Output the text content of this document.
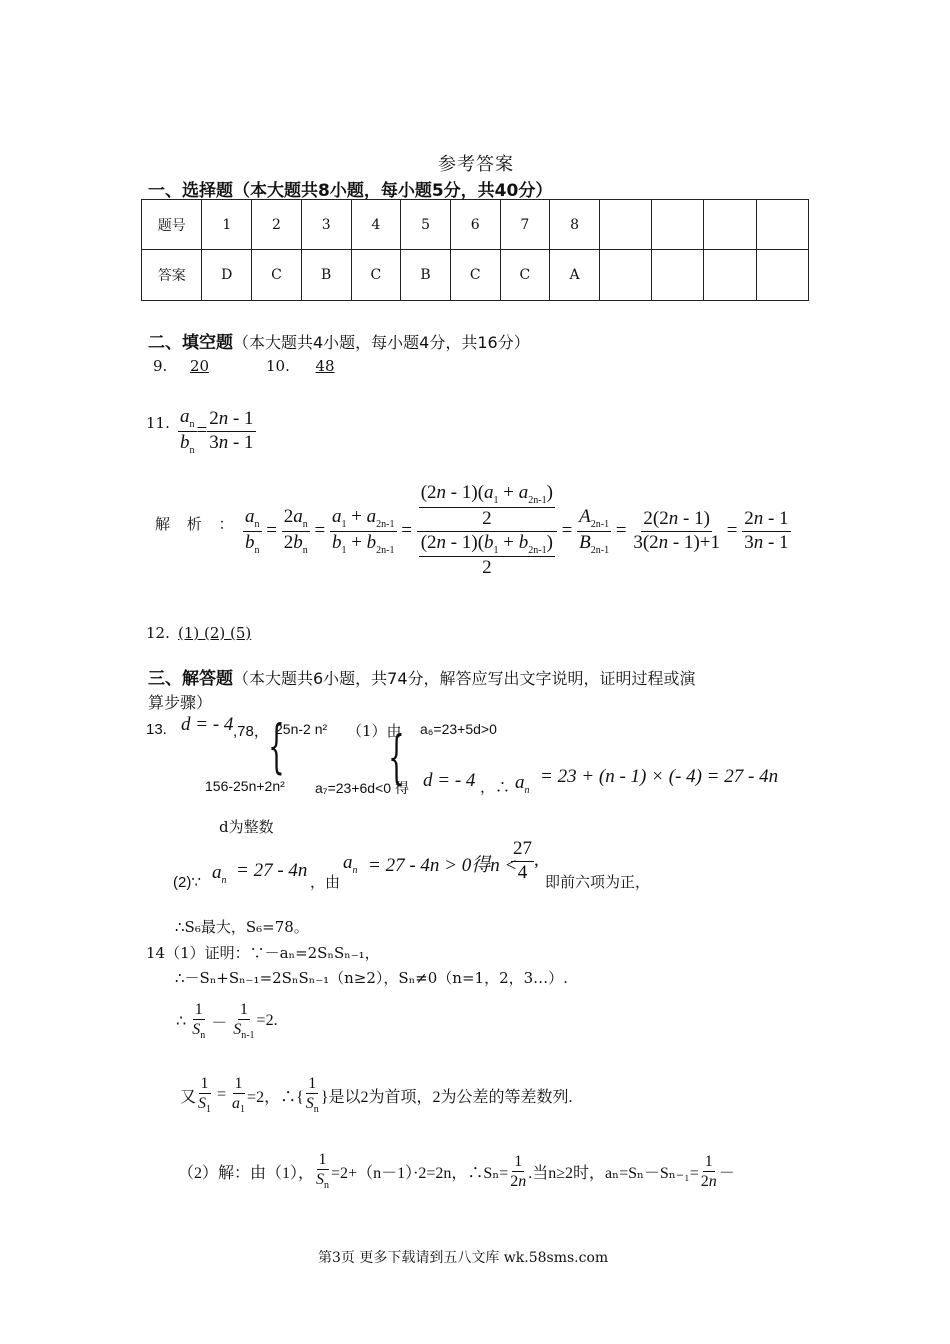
参考答案
一、选择题（本大题共8小题，每小题5分，共40分）
题号	1	2	3	4	5	6	7	8				
答案	D	C	B	C	B	C	C	A				
二、填空题（本大题共4小题，每小题4分，共16分）
9.	20	10.	48
11. $\frac{a_n}{b_n} = \frac{2n - 1}{3n - 1}$
解 析 ： $\frac{a_n}{b_n} = \frac{2a_n}{2b_n} = \frac{a_1 + a_{2n-1}}{b_1 + b_{2n-1}} = \frac{\frac{(2n - 1)(a_1 + a_{2n-1})}{2}}{\frac{(2n - 1)(b_1 + b_{2n-1})}{2}} = \frac{A_{2n-1}}{B_{2n-1}} = \frac{2(2n - 1)}{3(2n - 1)+1} = \frac{2n - 1}{3n - 1}$
12. (1) (2) (5)
三、解答题（本大题共6小题，共74分，解答应写出文字说明，证明过程或演
算步骤）
13. d = - 4 ,78， {
25n-2 n² （1）由 a₆=23+5d>0
{
156-25n+2n² a₇=23+6d<0 得 d = - 4 ，∴ $a_n$
= 23 + (n - 1) × (- 4) = 27 - 4n
d为整数
(2)∵ $a_n = 27 - 4n$
，由
$a_n = 27 - 4n > 0$得n <
$\frac{27}{4}$ ,
即前六项为正，
∴S₆最大，S₆=78。
14（1）证明：∵－aₙ=2SₙSₙ₋₁，
∴－Sₙ+Sₙ₋₁=2SₙSₙ₋₁（n≥2），Sₙ≠0（n=1，2，3…）.
∴ $\frac{1}{S_n} - \frac{1}{S_{n-1}} =2$.
又 $\frac{1}{S_1} = \frac{1}{a_1} =2$，∴{ $\frac{1}{S_n}$ }是以2为首项，2为公差的等差数列.
（2）解：由（1）， $\frac{1}{S_n} =2+(n-1)\cdot 2=2n$，∴Sₙ= $\frac{1}{2n}$ .当n≥2时，$a_n=S_n-S_{n-1}= \frac{1}{2n}$ －
第3页 更多下载请到五八文库 wk.58sms.com
